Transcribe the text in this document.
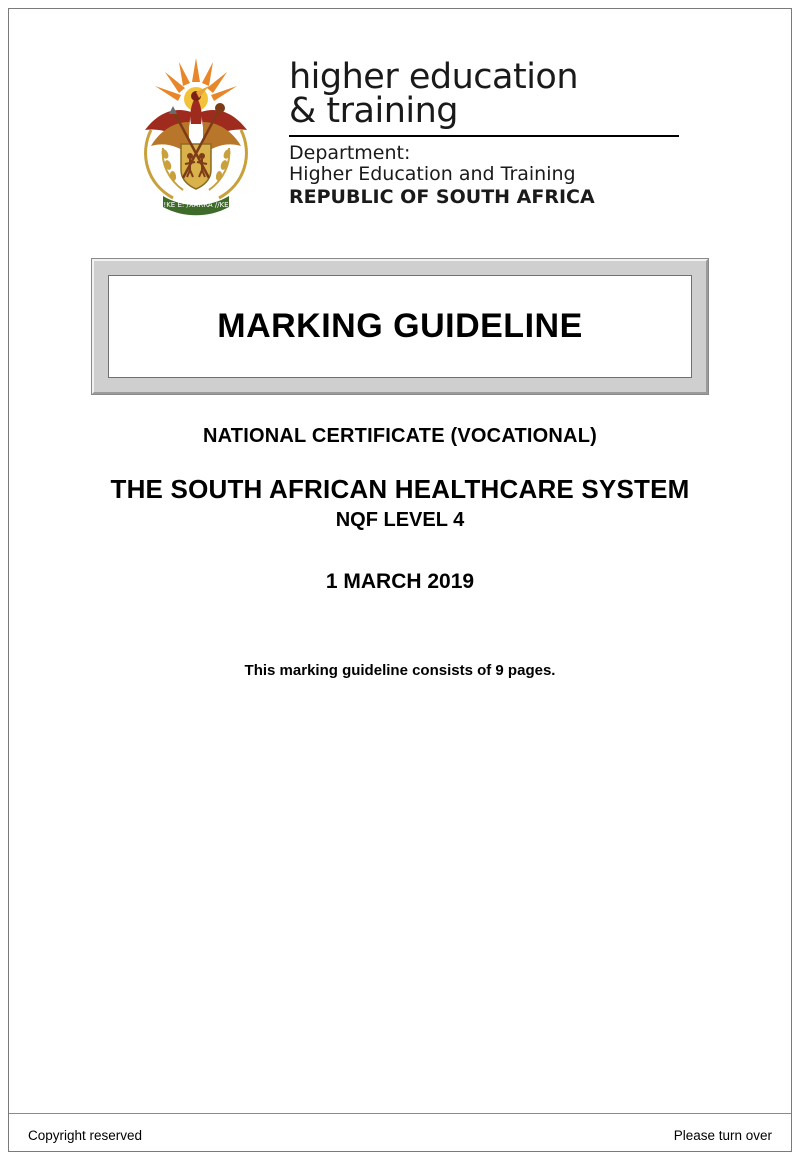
!KE E: /XARRA //KE
higher education
& training
Department:
Higher Education and Training
REPUBLIC OF SOUTH AFRICA
MARKING GUIDELINE
NATIONAL CERTIFICATE (VOCATIONAL)
THE SOUTH AFRICAN HEALTHCARE SYSTEM
NQF LEVEL 4
1 MARCH 2019
This marking guideline consists of 9 pages.
Copyright reserved	Please turn over
